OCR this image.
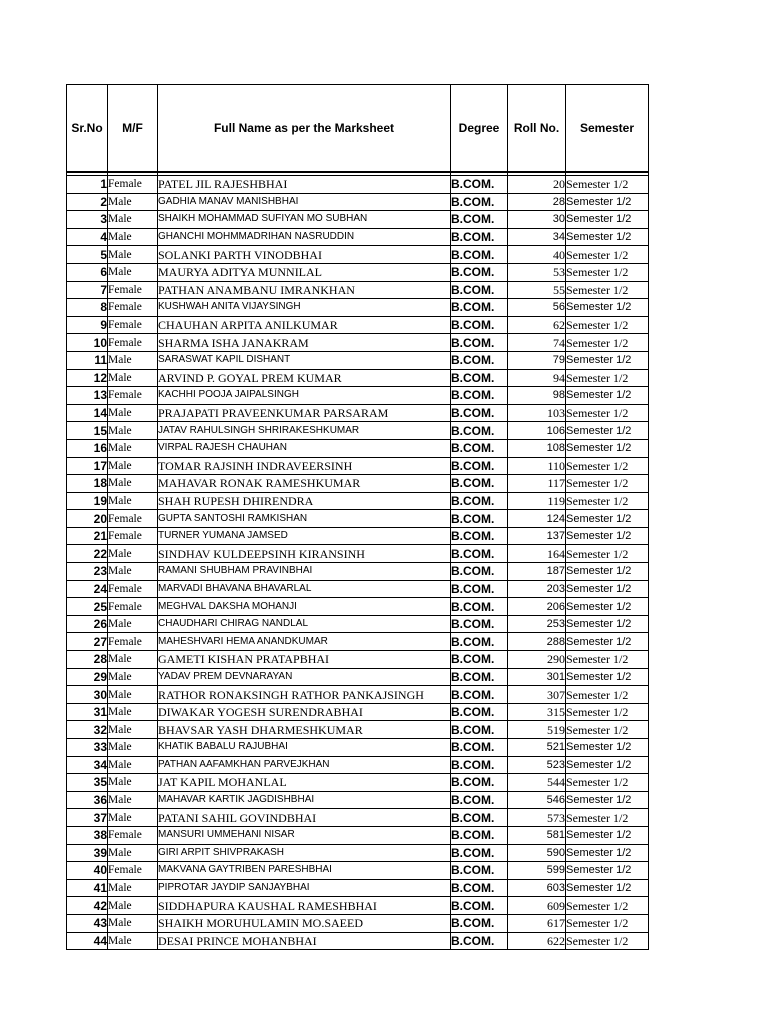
Sr.No	M/F	Full Name as per the Marksheet	Degree	Roll No.	Semester

1	Female	PATEL JIL RAJESHBHAI	B.COM.	20	Semester 1/2
2	Male	GADHIA MANAV MANISHBHAI	B.COM.	28	Semester 1/2
3	Male	SHAIKH MOHAMMAD SUFIYAN MO SUBHAN	B.COM.	30	Semester 1/2
4	Male	GHANCHI MOHMMADRIHAN NASRUDDIN	B.COM.	34	Semester 1/2
5	Male	SOLANKI PARTH VINODBHAI	B.COM.	40	Semester 1/2
6	Male	MAURYA ADITYA MUNNILAL	B.COM.	53	Semester 1/2
7	Female	PATHAN ANAMBANU IMRANKHAN	B.COM.	55	Semester 1/2
8	Female	KUSHWAH ANITA VIJAYSINGH	B.COM.	56	Semester 1/2
9	Female	CHAUHAN ARPITA ANILKUMAR	B.COM.	62	Semester 1/2
10	Female	SHARMA ISHA JANAKRAM	B.COM.	74	Semester 1/2
11	Male	SARASWAT KAPIL DISHANT	B.COM.	79	Semester 1/2
12	Male	ARVIND P. GOYAL PREM KUMAR	B.COM.	94	Semester 1/2
13	Female	KACHHI POOJA JAIPALSINGH	B.COM.	98	Semester 1/2
14	Male	PRAJAPATI PRAVEENKUMAR PARSARAM	B.COM.	103	Semester 1/2
15	Male	JATAV RAHULSINGH SHRIRAKESHKUMAR	B.COM.	106	Semester 1/2
16	Male	VIRPAL RAJESH CHAUHAN	B.COM.	108	Semester 1/2
17	Male	TOMAR RAJSINH INDRAVEERSINH	B.COM.	110	Semester 1/2
18	Male	MAHAVAR RONAK RAMESHKUMAR	B.COM.	117	Semester 1/2
19	Male	SHAH RUPESH DHIRENDRA	B.COM.	119	Semester 1/2
20	Female	GUPTA SANTOSHI RAMKISHAN	B.COM.	124	Semester 1/2
21	Female	TURNER YUMANA JAMSED	B.COM.	137	Semester 1/2
22	Male	SINDHAV KULDEEPSINH KIRANSINH	B.COM.	164	Semester 1/2
23	Male	RAMANI SHUBHAM PRAVINBHAI	B.COM.	187	Semester 1/2
24	Female	MARVADI BHAVANA BHAVARLAL	B.COM.	203	Semester 1/2
25	Female	MEGHVAL DAKSHA MOHANJI	B.COM.	206	Semester 1/2
26	Male	CHAUDHARI CHIRAG NANDLAL	B.COM.	253	Semester 1/2
27	Female	MAHESHVARI HEMA ANANDKUMAR	B.COM.	288	Semester 1/2
28	Male	GAMETI KISHAN PRATAPBHAI	B.COM.	290	Semester 1/2
29	Male	YADAV PREM DEVNARAYAN	B.COM.	301	Semester 1/2
30	Male	RATHOR RONAKSINGH RATHOR PANKAJSINGH	B.COM.	307	Semester 1/2
31	Male	DIWAKAR YOGESH SURENDRABHAI	B.COM.	315	Semester 1/2
32	Male	BHAVSAR YASH DHARMESHKUMAR	B.COM.	519	Semester 1/2
33	Male	KHATIK BABALU RAJUBHAI	B.COM.	521	Semester 1/2
34	Male	PATHAN AAFAMKHAN PARVEJKHAN	B.COM.	523	Semester 1/2
35	Male	JAT KAPIL MOHANLAL	B.COM.	544	Semester 1/2
36	Male	MAHAVAR KARTIK JAGDISHBHAI	B.COM.	546	Semester 1/2
37	Male	PATANI SAHIL GOVINDBHAI	B.COM.	573	Semester 1/2
38	Female	MANSURI UMMEHANI NISAR	B.COM.	581	Semester 1/2
39	Male	GIRI ARPIT SHIVPRAKASH	B.COM.	590	Semester 1/2
40	Female	MAKVANA GAYTRIBEN PARESHBHAI	B.COM.	599	Semester 1/2
41	Male	PIPROTAR JAYDIP SANJAYBHAI	B.COM.	603	Semester 1/2
42	Male	SIDDHAPURA KAUSHAL RAMESHBHAI	B.COM.	609	Semester 1/2
43	Male	SHAIKH MORUHULAMIN MO.SAEED	B.COM.	617	Semester 1/2
44	Male	DESAI PRINCE MOHANBHAI	B.COM.	622	Semester 1/2
